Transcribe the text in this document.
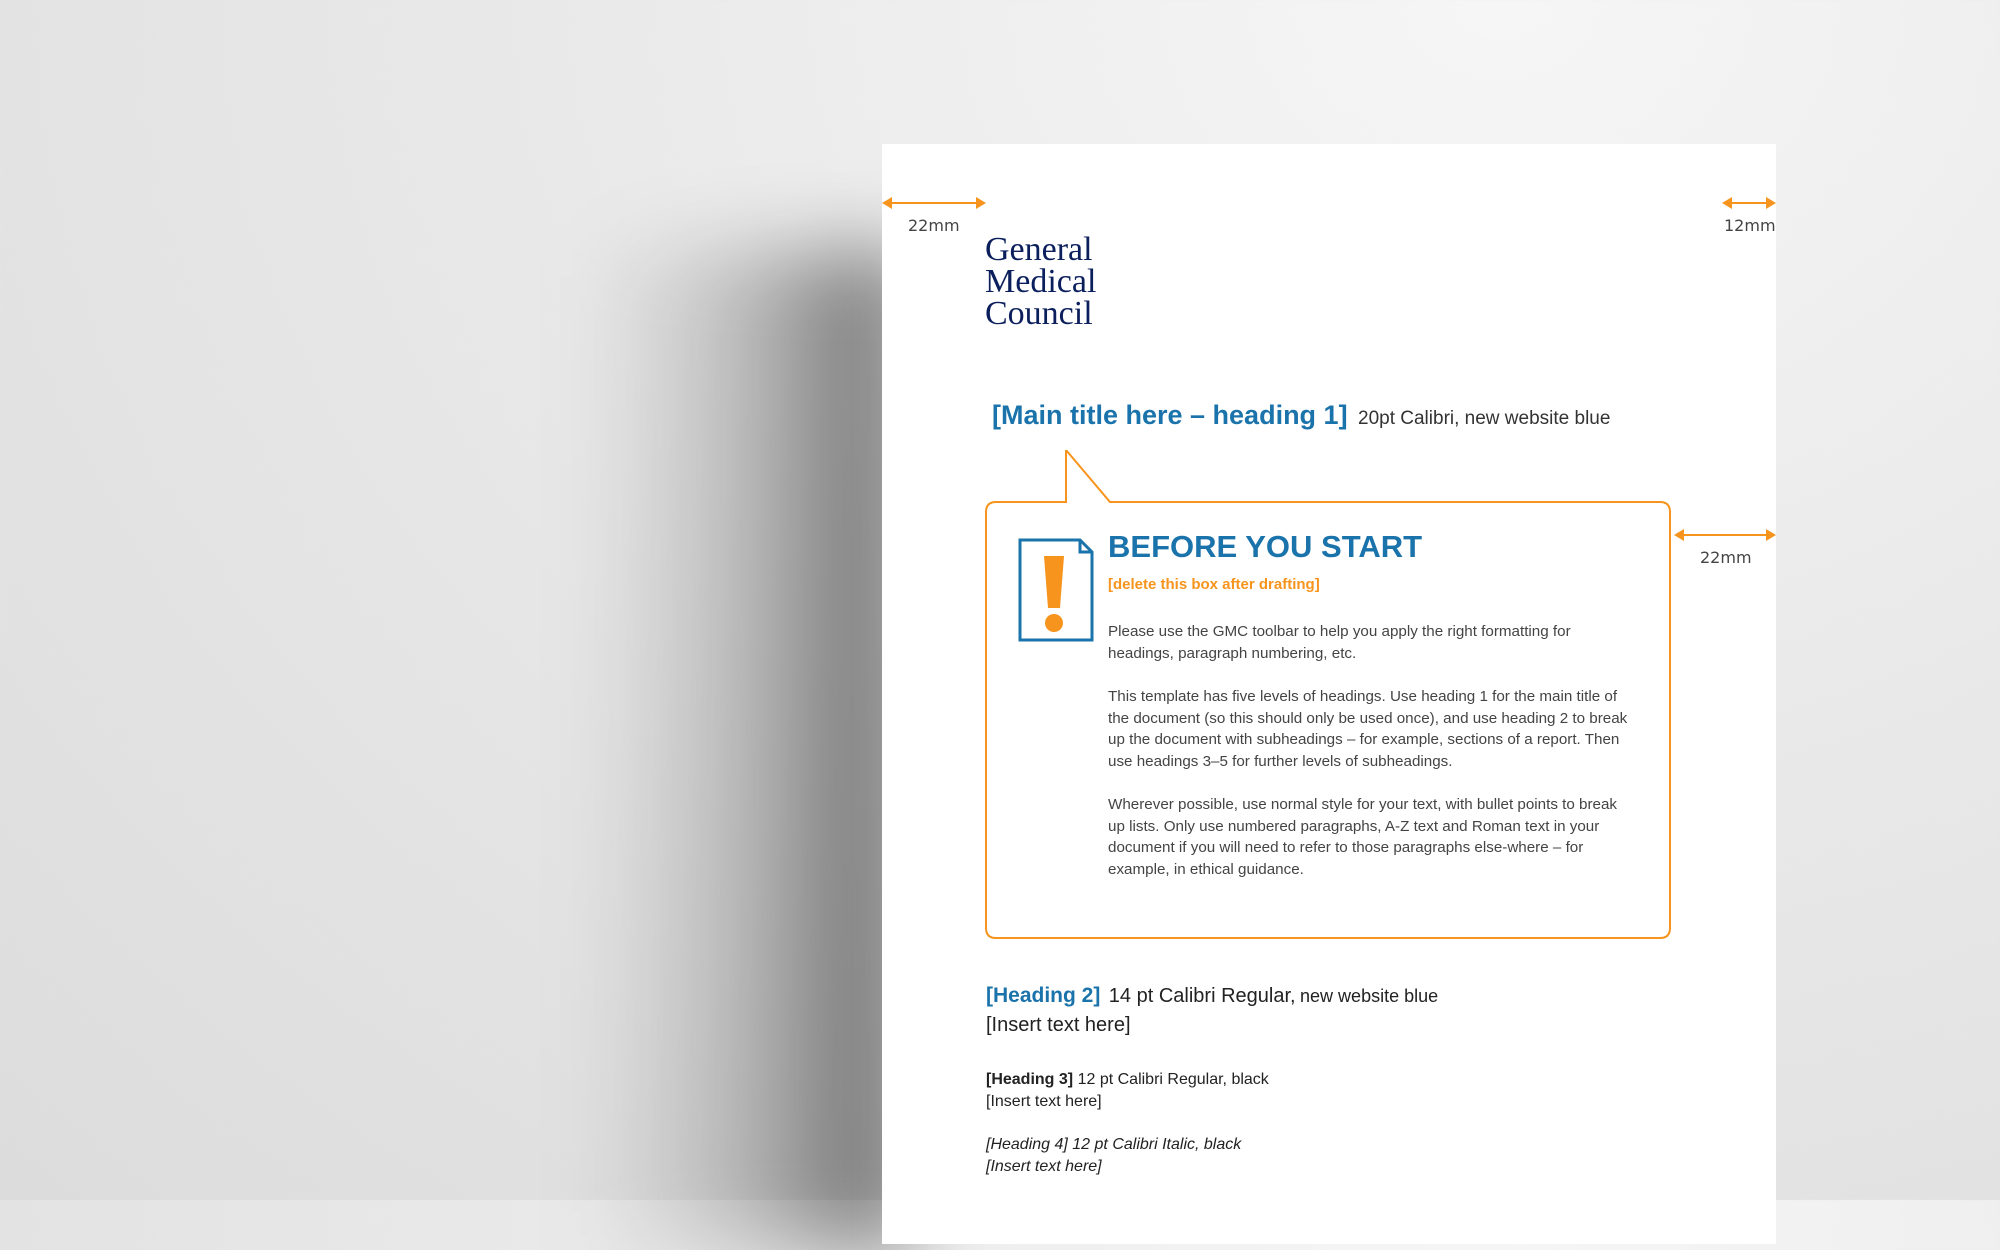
22mm	12mm
22mm
General
Medical
Council
[Main title here – heading 1] 20pt Calibri, new website blue
BEFORE YOU START
[delete this box after drafting]

Please use the GMC toolbar to help you apply the right formatting for headings, paragraph numbering, etc.

This template has five levels of headings. Use heading 1 for the main title of the document (so this should only be used once), and use heading 2 to break up the document with subheadings – for example, sections of a report. Then use headings 3–5 for further levels of subheadings.

Wherever possible, use normal style for your text, with bullet points to break up lists. Only use numbered paragraphs, A-Z text and Roman text in your document if you will need to refer to those paragraphs else-where – for example, in ethical guidance.

[Heading 2] 14 pt Calibri Regular, new website blue
[Insert text here]
[Heading 3] 12 pt Calibri Regular, black
[Insert text here]
[Heading 4] 12 pt Calibri Italic, black
[Insert text here]
